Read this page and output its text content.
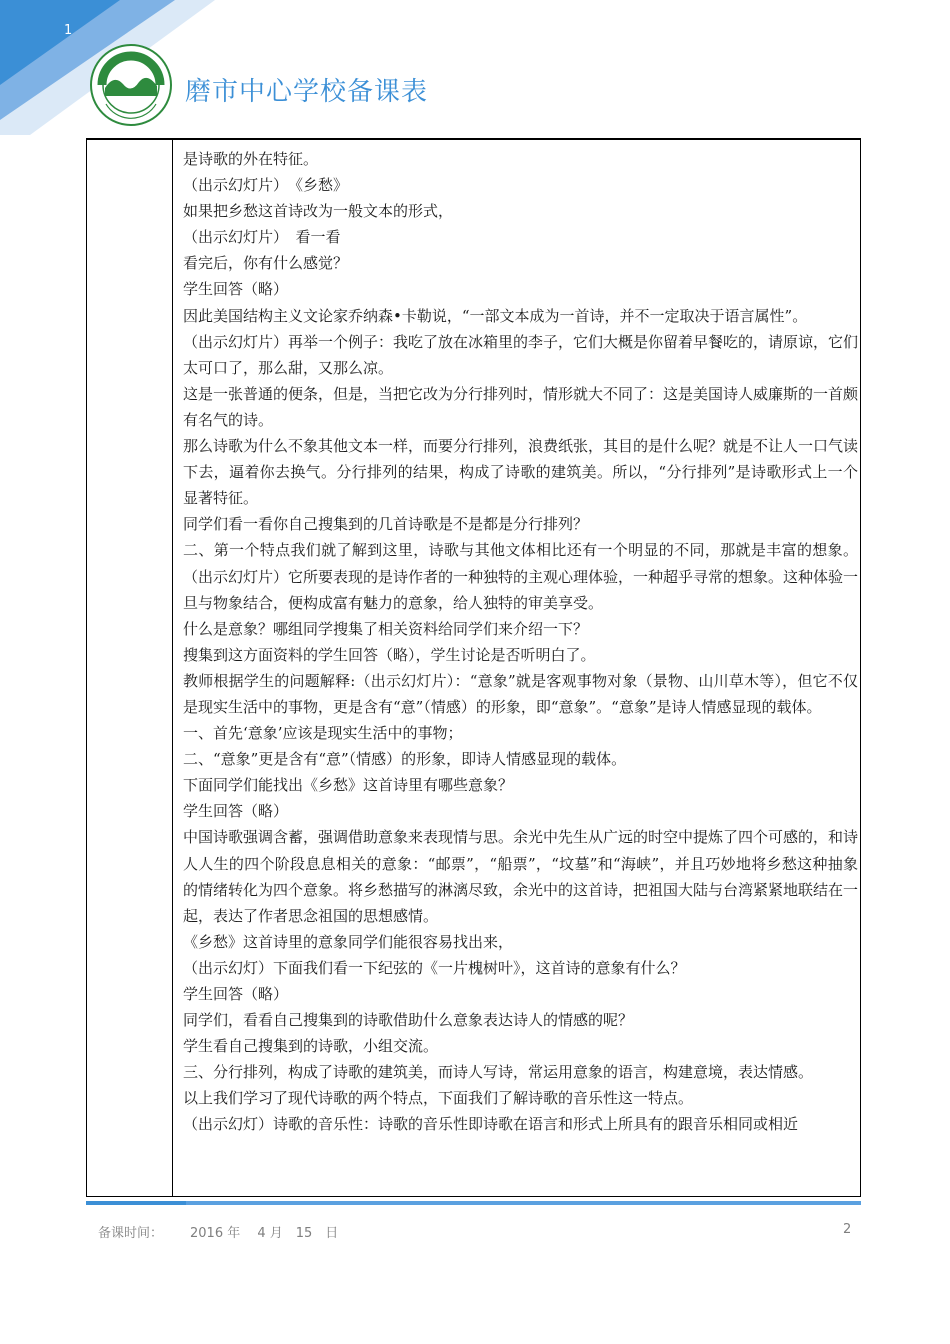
1
磨市中心学校备课表

是诗歌的外在特征。

（出示幻灯片）　《乡愁》

如果把乡愁这首诗改为一般文本的形式，

（出示幻灯片）　看一看

看完后，你有什么感觉？

学生回答（略）

因此美国结构主义文论家乔纳森•卡勒说，“一部文本成为一首诗，并不一定取决于语言属性”。

（出示幻灯片）再举一个例子：我吃了放在冰箱里的李子，它们大概是你留着早餐吃的，请原谅，它们太可口了，那么甜，又那么凉。

这是一张普通的便条，但是，当把它改为分行排列时，情形就大不同了：这是美国诗人威廉斯的一首颇有名气的诗。

那么诗歌为什么不象其他文本一样，而要分行排列，浪费纸张，其目的是什么呢？就是不让人一口气读下去，逼着你去换气。分行排列的结果，构成了诗歌的建筑美。所以，“分行排列”是诗歌形式上一个显著特征。

同学们看一看你自己搜集到的几首诗歌是不是都是分行排列？

二、第一个特点我们就了解到这里，诗歌与其他文体相比还有一个明显的不同，那就是丰富的想象。（出示幻灯片）它所要表现的是诗作者的一种独特的主观心理体验，一种超乎寻常的想象。这种体验一旦与物象结合，便构成富有魅力的意象，给人独特的审美享受。

什么是意象？哪组同学搜集了相关资料给同学们来介绍一下？

搜集到这方面资料的学生回答（略），学生讨论是否听明白了。

教师根据学生的问题解释:（出示幻灯片）：“意象”就是客观事物对象（景物、山川草木等），但它不仅是现实生活中的事物，更是含有“意”（情感）的形象，即“意象”。“意象”是诗人情感显现的载体。

一、首先‘意象’应该是现实生活中的事物；

二、“意象”更是含有“意”（情感）的形象，即诗人情感显现的载体。

下面同学们能找出《乡愁》这首诗里有哪些意象？

学生回答（略）

中国诗歌强调含蓄，强调借助意象来表现情与思。余光中先生从广远的时空中提炼了四个可感的，和诗人人生的四个阶段息息相关的意象：“邮票”，“船票”，“坟墓”和“海峡”，并且巧妙地将乡愁这种抽象的情绪转化为四个意象。将乡愁描写的淋漓尽致，余光中的这首诗，把祖国大陆与台湾紧紧地联结在一起，表达了作者思念祖国的思想感情。

《乡愁》这首诗里的意象同学们能很容易找出来，

（出示幻灯）下面我们看一下纪弦的《一片槐树叶》，这首诗的意象有什么？

学生回答（略）

同学们，看看自己搜集到的诗歌借助什么意象表达诗人的情感的呢？

学生看自己搜集到的诗歌，小组交流。

三、分行排列，构成了诗歌的建筑美，而诗人写诗，常运用意象的语言，构建意境，表达情感。

以上我们学习了现代诗歌的两个特点，下面我们了解诗歌的音乐性这一特点。

（出示幻灯）诗歌的音乐性：诗歌的音乐性即诗歌在语言和形式上所具有的跟音乐相同或相近

备课时间： 2016 年　 4 月　15　日	2
